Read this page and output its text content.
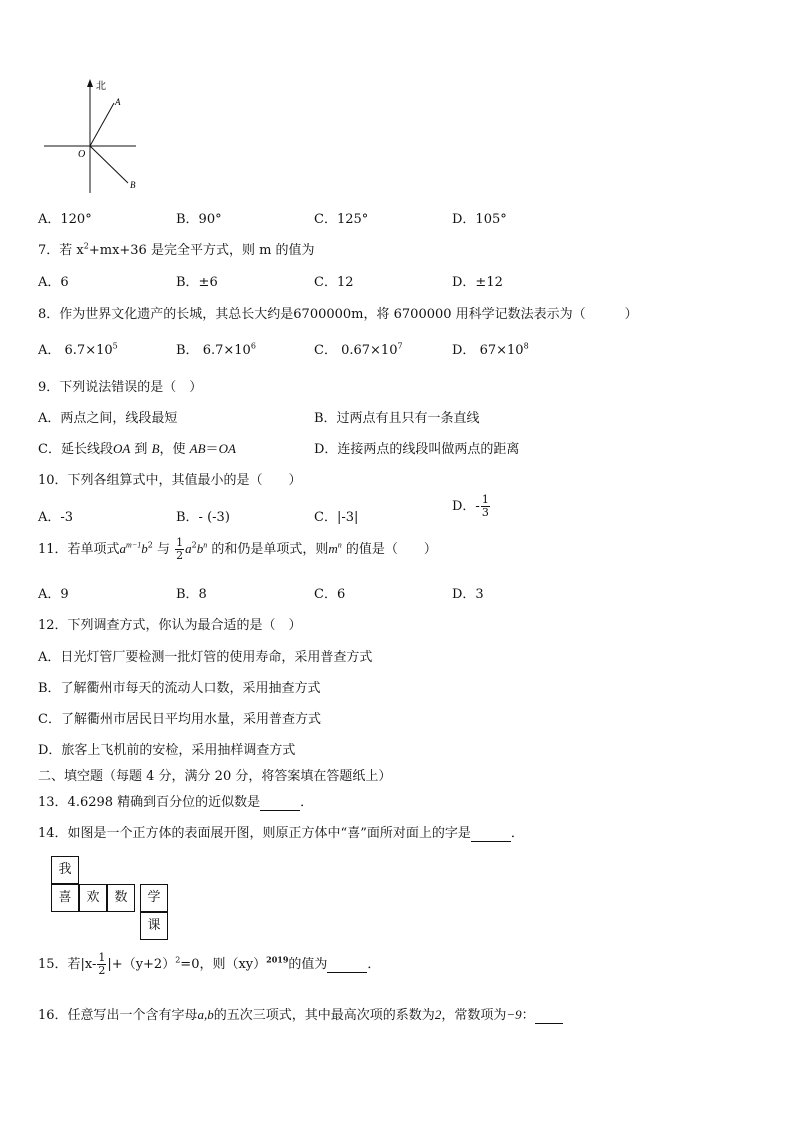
北
A
O
B
A．120°	B．90°	C．125°	D．105°
7．若 $x^2+mx+36$ 是完全平方式，则 m 的值为
A．6	B．±6	C．12	D．±12
8．作为世界文化遗产的长城，其总长大约是6700000m，将 6700000 用科学记数法表示为（　　　）
A． $6.7\times 10^5$	B． $6.7\times 10^6$	C． $0.67\times 10^7$	D． $67\times 10^8$
9．下列说法错误的是（　）
A．两点之间，线段最短	B．过两点有且只有一条直线
C．延长线段OA 到 B，使 AB＝OA	D．连接两点的线段叫做两点的距离
10．下列各组算式中，其值最小的是（　　）
A．-3	B．- (-3)	C．|-3|
D．- $\frac{1}{3}$
11．若单项式$a^{m-1}b^2$ 与 $\frac{1}{2} a^2b^n$ 的和仍是单项式，则$m^n$ 的值是（　　）
A．9	B．8	C．6	D．3
12．下列调查方式，你认为最合适的是（　）
A．日光灯管厂要检测一批灯管的使用寿命，采用普查方式
B．了解衢州市每天的流动人口数，采用抽查方式
C．了解衢州市居民日平均用水量，采用普查方式
D．旅客上飞机前的安检，采用抽样调查方式
二、填空题（每题 4 分，满分 20 分，将答案填在答题纸上）
13．4.6298 精确到百分位的近似数是	．
14．如图是一个正方体的表面展开图，则原正方体中“喜”面所对面上的字是	．
我
喜	欢	数	学
课
15．若$|x- \frac{1}{2} |+(y+2)^2=0$，则（xy）$^{2019}$的值为	．
16．任意写出一个含有字母a,b的五次三项式，其中最高次项的系数为2，常数项为−9：
